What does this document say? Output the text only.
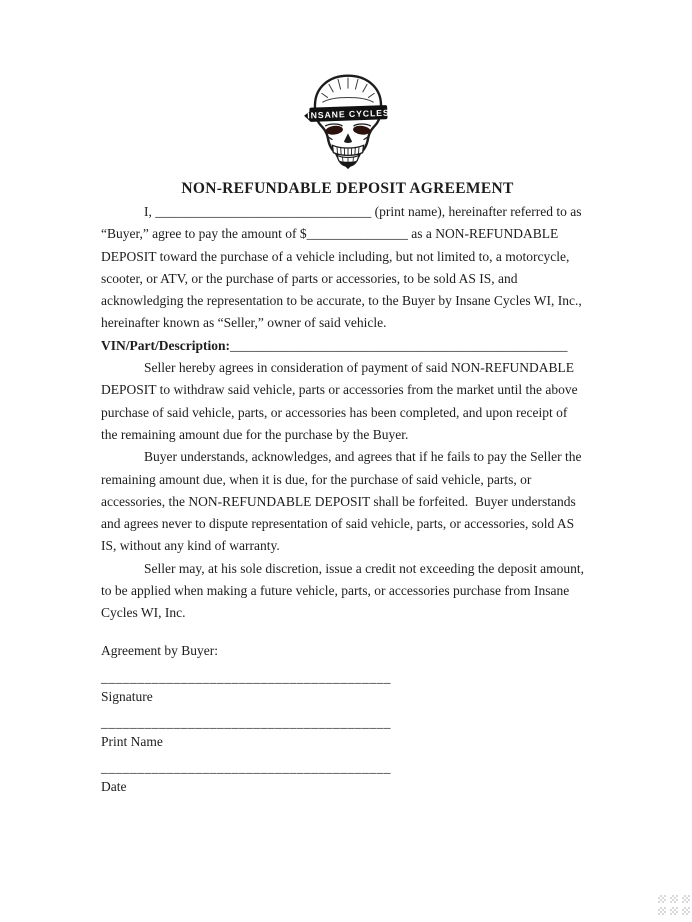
INSANE CYCLES
NON-REFUNDABLE DEPOSIT AGREEMENT

I, ________________________________ (print name), hereinafter referred to as

“Buyer,” agree to pay the amount of $_______________ as a NON-REFUNDABLE

DEPOSIT toward the purchase of a vehicle including, but not limited to, a motorcycle,

scooter, or ATV, or the purchase of parts or accessories, to be sold AS IS, and

acknowledging the representation to be accurate, to the Buyer by Insane Cycles WI, Inc.,

hereinafter known as “Seller,” owner of said vehicle.

VIN/Part/Description:__________________________________________________

Seller hereby agrees in consideration of payment of said NON-REFUNDABLE

DEPOSIT to withdraw said vehicle, parts or accessories from the market until the above

purchase of said vehicle, parts, or accessories has been completed, and upon receipt of

the remaining amount due for the purchase by the Buyer.

Buyer understands, acknowledges, and agrees that if he fails to pay the Seller the

remaining amount due, when it is due, for the purchase of said vehicle, parts, or

accessories, the NON-REFUNDABLE DEPOSIT shall be forfeited.  Buyer understands

and agrees never to dispute representation of said vehicle, parts, or accessories, sold AS

IS, without any kind of warranty.

Seller may, at his sole discretion, issue a credit not exceeding the deposit amount,

to be applied when making a future vehicle, parts, or accessories purchase from Insane

Cycles WI, Inc.

Agreement by Buyer:

________________________________________

Signature

________________________________________

Print Name

________________________________________

Date
